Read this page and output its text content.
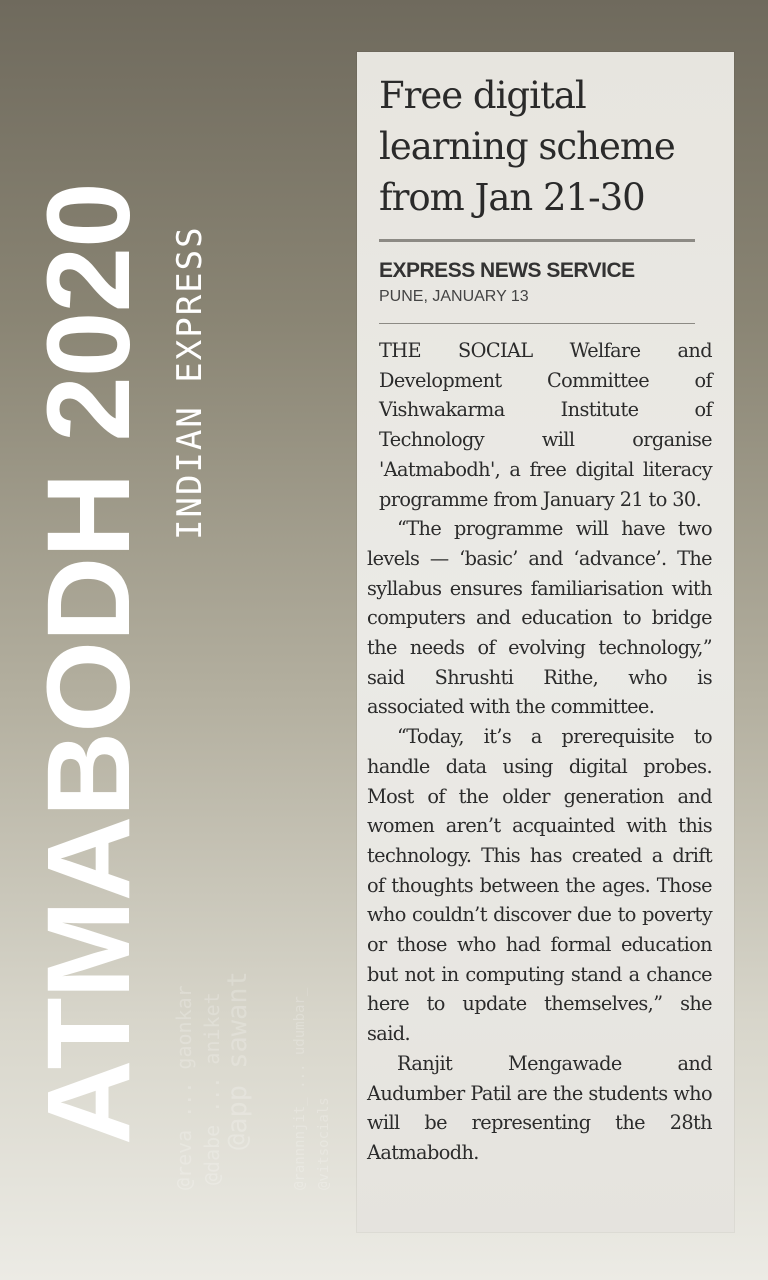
ATMABODH 2020 INDIAN EXPRESS
@reva ... gaonkar @dabe ... aniket
@app sawant	@rannnnjit_ ... udumbar_ @vitsocials
Free digital learning scheme from Jan 21-30
EXPRESS NEWS SERVICE
PUNE, JANUARY 13

THE SOCIAL Welfare and Development Committee of Vishwakarma Institute of Technology will organise 'Aatmabodh', a free digital literacy programme from January 21 to 30.

“The programme will have two levels — ‘basic’ and ‘advance’. The syllabus ensures familiarisation with computers and education to bridge the needs of evolving technology,” said Shrushti Rithe, who is associated with the committee.

“Today, it’s a prerequisite to handle data using digital probes. Most of the older generation and women aren’t acquainted with this technology. This has created a drift of thoughts between the ages. Those who couldn’t discover due to poverty or those who had formal education but not in computing stand a chance here to update themselves,” she said.

Ranjit Mengawade and Audumber Patil are the students who will be representing the 28th Aatmabodh.
